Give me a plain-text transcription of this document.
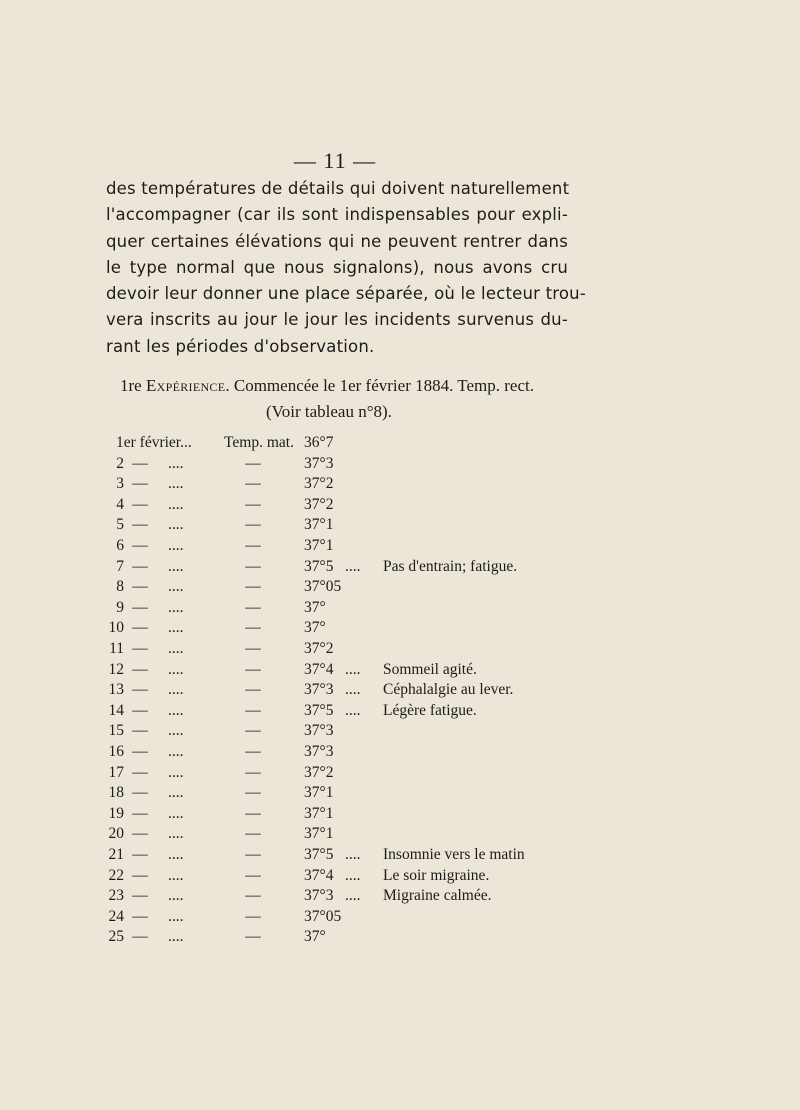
— 11 —
des températures de détails qui doivent naturellement
l'accompagner (car ils sont indispensables pour expli-
quer certaines élévations qui ne peuvent rentrer dans
le type normal que nous signalons), nous avons cru
devoir leur donner une place séparée, où le lecteur trou-
vera inscrits au jour le jour les incidents survenus du-
rant les périodes d'observation.
1re Expérience. Commencée le 1er février 1884. Temp. rect.
(Voir tableau n°8).
1er février... Temp. mat. 36°7
2 — ....	—	37°3
3 — ....	—	37°2
4 — ....	—	37°2
5 — ....	—	37°1
6 — ....	—	37°1
7 — ....	—	37°5 .... Pas d'entrain; fatigue.
8 — ....	—	37°05
9 — ....	—	37°
10 — ....	—	37°
11 — ....	—	37°2
12 — ....	—	37°4 .... Sommeil agité.
13 — ....	—	37°3 .... Céphalalgie au lever.
14 — ....	—	37°5 .... Légère fatigue.
15 — ....	—	37°3
16 — ....	—	37°3
17 — ....	—	37°2
18 — ....	—	37°1
19 — ....	—	37°1
20 — ....	—	37°1
21 — ....	—	37°5 .... Insomnie vers le matin
22 — ....	—	37°4 .... Le soir migraine.
23 — ....	—	37°3 .... Migraine calmée.
24 — ....	—	37°05
25 — ....	—	37°
